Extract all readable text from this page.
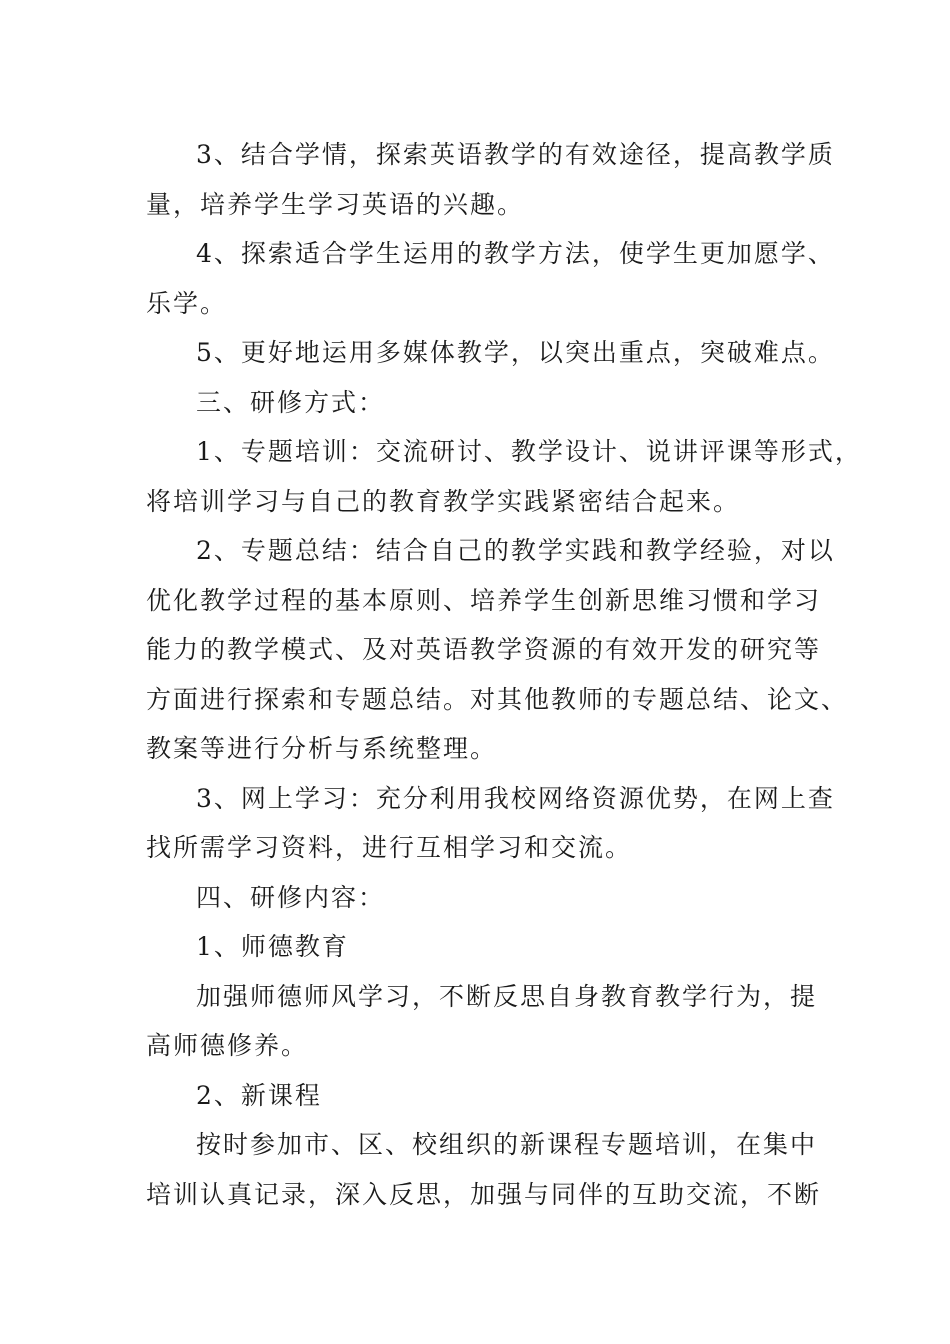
3、结合学情，探索英语教学的有效途径，提高教学质
量，培养学生学习英语的兴趣。
4、探索适合学生运用的教学方法，使学生更加愿学、
乐学。
5、更好地运用多媒体教学，以突出重点，突破难点。
三、研修方式：
1、专题培训：交流研讨、教学设计、说讲评课等形式，
将培训学习与自己的教育教学实践紧密结合起来。
2、专题总结：结合自己的教学实践和教学经验，对以
优化教学过程的基本原则、培养学生创新思维习惯和学习
能力的教学模式、及对英语教学资源的有效开发的研究等
方面进行探索和专题总结。对其他教师的专题总结、论文、
教案等进行分析与系统整理。
3、网上学习：充分利用我校网络资源优势，在网上查
找所需学习资料，进行互相学习和交流。
四、研修内容：
1、师德教育
加强师德师风学习，不断反思自身教育教学行为，提
高师德修养。
2、新课程
按时参加市、区、校组织的新课程专题培训，在集中
培训认真记录，深入反思，加强与同伴的互助交流，不断
